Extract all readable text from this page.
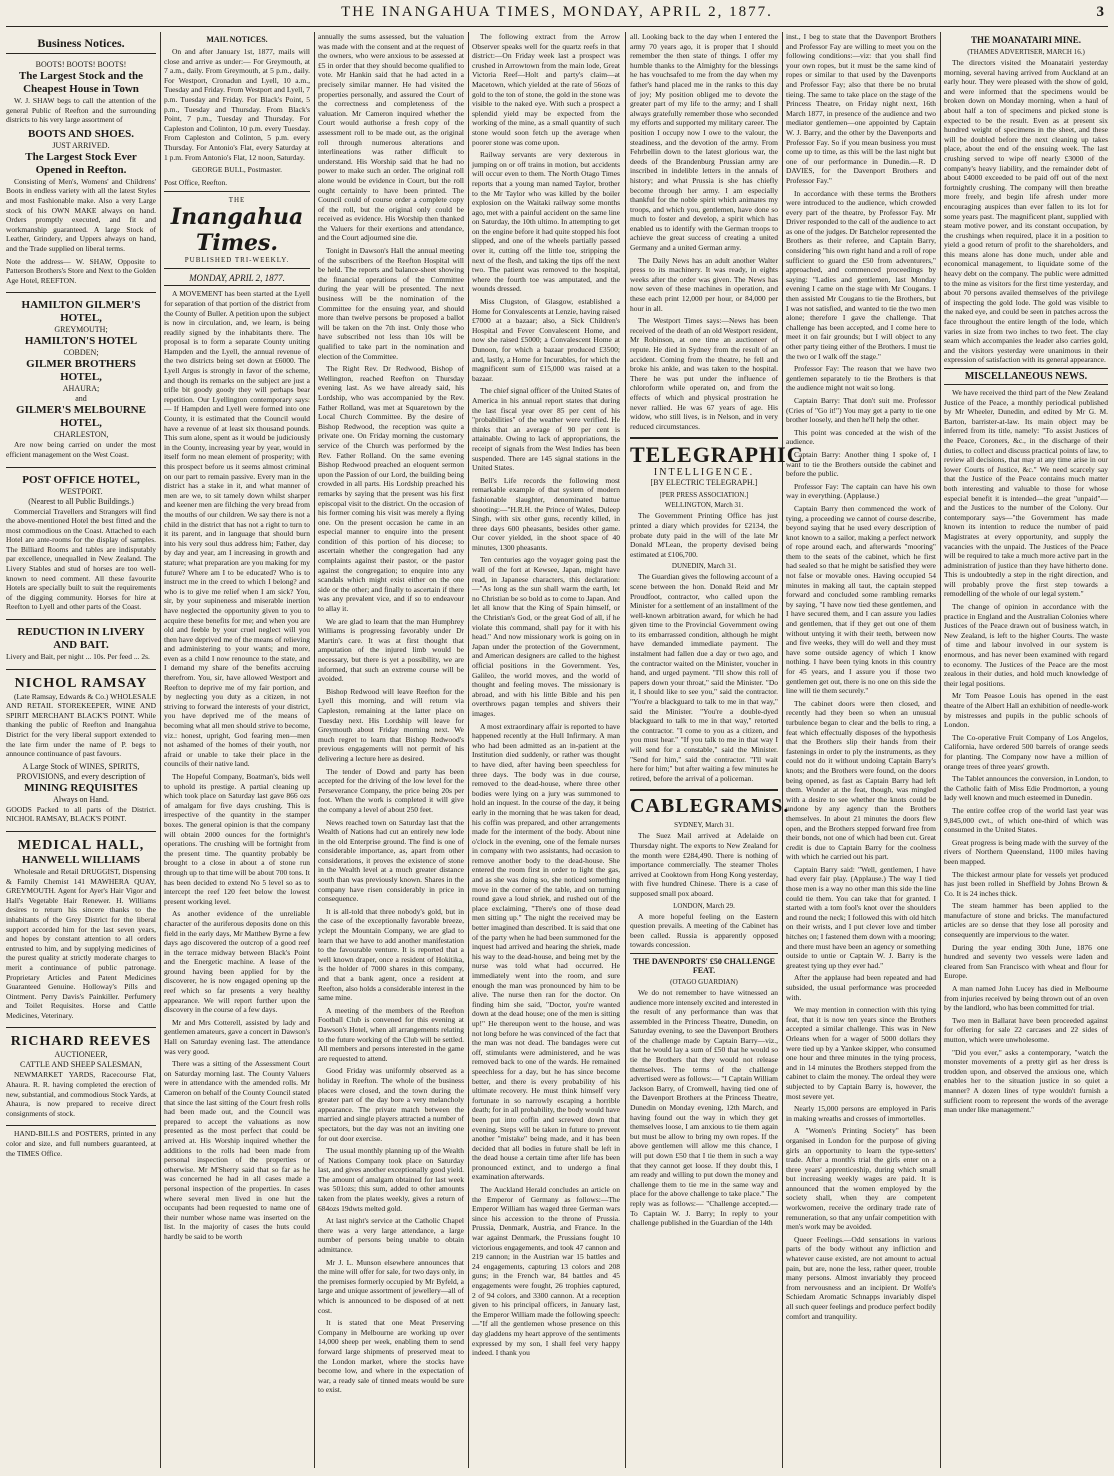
THE INANGAHUA TIMES, MONDAY, APRIL 2, 1877.	3
Business Notices.
BOOTS! BOOTS! BOOTS!
The Largest Stock and the Cheapest House in Town

W. J. SHAW begs to call the attention of the general Public of Reefton and the surrounding districts to his very large assortment of

BOOTS AND SHOES.
JUST ARRIVED.
The Largest Stock Ever Opened in Reefton.

Consisting of Men's, Womens' and Childrens' Boots in endless variety with all the latest Styles and most Fashionable make. Also a very Large stock of his OWN MAKE always on hand. Orders promptly executed, and fit and workmanship guaranteed. A large Stock of Leather, Grindery, and Uppers always on hand, and the Trade supplied on liberal terms.

Note the address— W. SHAW, Opposite to Patterson Brothers's Store and Next to the Golden Age Hotel, REEFTON.

HAMILTON GILMER'S HOTEL,
GREYMOUTH;
HAMILTON'S HOTEL
COBDEN;
GILMER BROTHERS HOTEL,
AHAURA;
and
GILMER'S MELBOURNE HOTEL,
CHARLESTON,

Are now being carried on under the most efficient management on the West Coast.

POST OFFICE HOTEL,
WESTPORT.
(Nearest to all Public Buildings.)

Commercial Travellers and Strangers will find the above-mentioned Hotel the best fitted and the most commodious on the Coast. Attached to each Hotel are ante-rooms for the display of samples. The Billiard Rooms and tables are indisputably par excellence, unequalled in New Zealand. The Livery Stables and stud of horses are too well-known to need comment. All these favourite Hotels are specially built to suit the requirements of the digging community. Horses for hire at Reefton to Lyell and other parts of the Coast.

REDUCTION IN LIVERY AND BAIT.

Livery and Bait, per night ... 10s. Per feed ... 2s.

NICHOL RAMSAY

(Late Ramsay, Edwards & Co.) WHOLESALE AND RETAIL STOREKEEPER, WINE AND SPIRIT MERCHANT BLACK'S POINT. While thanking the public of Reefton and Inangahua District for the very liberal support extended to the late firm under the name of P. begs to announce continuance of past favours.

A Large Stock of WINES, SPIRITS, PROVISIONS, and every description of
MINING REQUISITES
Always on Hand.

GOODS Packed to all parts of the District. NICHOL RAMSAY, BLACK'S POINT.

MEDICAL HALL,
HANWELL WILLIAMS

Wholesale and Retail DRUGGIST, Dispensing & Family Chemist 141 MAWHERA QUAY, GREYMOUTH. Agent for Ayer's Hair Vigor and Hall's Vegetable Hair Renewer. H. Williams desires to return his sincere thanks to the inhabitants of the Grey District for the liberal support accorded him for the last seven years, and hopes by constant attention to all orders entrusted to him, and by supplying medicines of the purest quality at strictly moderate charges to merit a continuance of public patronage. Proprietary Articles and Patent Medicines Guaranteed Genuine. Holloway's Pills and Ointment. Perry Davis's Painkiller. Perfumery and Toilet Requisites. Horse and Cattle Medicines, Veterinary.

RICHARD REEVES
AUCTIONEER,
CATTLE AND SHEEP SALESMAN,

NEWMARKET YARDS, Racecourse Flat, Ahaura. R. R. having completed the erection of new, substantial, and commodious Stock Yards, at Ahaura, is now prepared to receive direct consignments of stock.

HAND-BILLS and POSTERS, printed in any color and size, and full numbers guaranteed, at the TIMES Office.

MAIL NOTICES.

On and after January 1st, 1877, mails will close and arrive as under:— For Greymouth, at 7 a.m., daily. From Greymouth, at 5 p.m., daily. For Westport, Cronadun and Lyell, 10 a.m., Tuesday and Friday. From Westport and Lyell, 7 p.m. Tuesday and Friday. For Black's Point, 5 p.m., Tuesday and Thursday. From Black's Point, 7 p.m., Tuesday and Thursday. For Capleston and Colinton, 10 p.m. every Tuesday. From Capleston and Colinton, 5 p.m. every Thursday. For Antonio's Flat, every Saturday at 1 p.m. From Antonio's Flat, 12 noon, Saturday.

GEORGE BULL, Postmaster.

Post Office, Reefton.

THE
Inangahua Times.
PUBLISHED TRI-WEEKLY.
MONDAY, APRIL 2, 1877.

A MOVEMENT has been started at the Lyell for separation of that portion of the district from the County of Buller. A petition upon the subject is now in circulation, and, we learn, is being readily signed by the inhabitants there. The proposal is to form a separate County uniting Hampden and the Lyell, the annual revenue of the two districts being set down at £6000. The Lyell Argus is strongly in favor of the scheme, and though its remarks on the subject are just a trifle bit goody goody they will perhaps bear repetition. Our Lyellington contemporary says:— If Hampden and Lyell were formed into one County, it is estimated that the Council would have a revenue of at least six thousand pounds. This sum alone, spent as it would be judiciously in the County, increasing year by year, would in itself form no mean element of prosperity; with this prospect before us it seems almost criminal on our part to remain passive. Every man in the district has a stake in it, and what manner of men are we, to sit tamely down whilst sharper and keener men are filching the very bread from the mouths of our children. We say there is not a child in the district that has not a right to turn to it its parent, and in language that should burn into his very soul thus address him; Father, day by day and year, am I increasing in growth and stature; what preparation are you making for my future? Where am I to be educated? Who is to instruct me in the creed to which I belong? and who is to give me relief when I am sick? You, sir, by your supineness and miserable inertion have neglected the opportunity given to you to acquire these benefits for me; and when you are old and feeble by your cruel neglect will you then have deprived me of the means of relieving and administering to your wants; and more, even as a child I now renounce to the state, and I demand my share of the benefits accruing therefrom. You, sir, have allowed Westport and Reefton to deprive me of my fair portion, and by neglecting you duty as a citizen, in not striving to forward the interests of your district, you have deprived me of the means of becoming what all men should strive to become, viz.: honest, upright, God fearing men—men not ashamed of the homes of their youth, nor afraid or unable to take their place in the councils of their native land.

The Hopeful Company, Boatman's, bids well to uphold its prestige. A partial cleaning up which took place on Saturday last gave 866 ozs of amalgam for five days crushing. This is irrespective of the quantity in the stamper boxes. The general opinion is that the company will obtain 2000 ounces for the fortnight's operations. The crushing will be fortnight from the present time. The quantity probably be brought to a close in about a of stone run through up to that time will be about 700 tons. It has been decided to extend No 5 level so as to intercept the reef 120 feet below the lowest present working level.

As another evidence of the unreliable character of the auriferous deposits done on this field in the early days, Mr Matthew Byrne a few days ago discovered the outcrop of a good reef in the terrace midway between Black's Point and the Energetic machine. A lease of the ground having been applied for by the discoverer, he is now engaged opening up the reef which so far presents a very healthy appearance. We will report further upon the discovery in the course of a few days.

Mr and Mrs Cotterell, assisted by lady and gentlemen amateurs, gave a concert in Dawson's Hall on Saturday evening last. The attendance was very good.

There was a sitting of the Assessment Court on Saturday morning last. The County Valuers were in attendance with the amended rolls. Mr Cameron on behalf of the County Council stated that since the last sitting of the Court fresh rolls had been made out, and the Council was prepared to accept the valuations as now presented as the most perfect that could be arrived at. His Worship inquired whether the additions to the rolls had been made from personal inspection of the properties or otherwise. Mr M'Sherry said that so far as he was concerned he had in all cases made a personal inspection of the properties. In cases where several men lived in one hut the occupants had been requested to name one of their number whose name was inserted on the list. In the majority of cases the huts could hardly be said to be worth

annually the sums assessed, but the valuation was made with the consent and at the request of the owners, who were anxious to be assessed at £5 in order that they should become qualified to vote. Mr Hankin said that he had acted in a precisely similar manner. He had visited the properties personally, and assured the Court of the correctness and completeness of the valuation. Mr Cameron inquired whether the Court would authorise a fresh copy of the assessment roll to be made out, as the original roll through numerous alterations and interlineations was rather difficult to understand. His Worship said that he had no power to make such an order. The original roll alone would be evidence in Court, but the roll ought certainly to have been printed. The Council could of course order a complete copy of the roll, but the original only could be received as evidence. His Worship then thanked the Valuers for their exertions and attendance, and the Court adjourned sine die.

Tonight in Dawson's Hall the annual meeting of the subscribers of the Reefton Hospital will be held. The reports and balance-sheet showing the financial operations of the Committee during the year will be presented. The next business will be the nomination of the Committee for the ensuing year, and should more than twelve persons be proposed a ballot will be taken on the 7th inst. Only those who have subscribed not less than 10s will be qualified to take part in the nomination and election of the Committee.

The Right Rev. Dr Redwood, Bishop of Wellington, reached Reefton on Thursday evening last. As we have already said, his Lordship, who was accompanied by the Rev. Father Rolland, was met at Squaretown by the Local Church Committee. By the desire of Bishop Redwood, the reception was quite a private one. On Friday morning the customary service of the Church was performed by the Rev. Father Rolland. On the same evening Bishop Redwood preached an eloquent sermon upon the Passion of our Lord, the building being crowded in all parts. His Lordship preached his remarks by saying that the present was his first episcopal visit to the district. On the occasion of his former coming his visit was merely a flying one. On the present occasion he came in an especial manner to enquire into the present condition of this portion of his diocese; to ascertain whether the congregation had any complaints against their pastor, or the pastor against the congregation; to enquire into any scandals which might exist either on the one side or the other; and finally to ascertain if there was any prevalent vice, and if so to endeavour to allay it.

We are glad to learn that the man Humphrey Williams is progressing favorably under Dr Martin's care. It was at first thought that amputation of the injured limb would be necessary, but there is yet a possibility, we are informed, that such an extreme course will be avoided.

Bishop Redwood will leave Reefton for the Lyell this morning, and will return via Capleston, remaining at the latter place on Tuesday next. His Lordship will leave for Greymouth about Friday morning next. We much regret to learn that Bishop Redwood's previous engagements will not permit of his delivering a lecture here as desired.

The tender of Dowd and party has been accepted for the driving of the low level for the Perseverance Company, the price being 20s per foot. When the work is completed it will give the company a level of about 250 feet.

News reached town on Saturday last that the Wealth of Nations had cut an entirely new lode in the old Enterprise ground. The find is one of considerable importance, as, apart from other considerations, it proves the existence of stone in the Wealth level at a much greater distance south than was previously known. Shares in the company have risen considerably in price in consequence.

It is all-told that three nobody's gold, but in the case of the exceptionally favorable breeze, yclept the Mountain Company, we are glad to learn that we have to add another manifestation to the favourable venture. It is reported that a well known draper, once a resident of Hokitika, is the holder of 7000 shares in this company, and that a bank agent, once a resident at Reefton, also holds a considerable interest in the same mine.

A meeting of the members of the Reefton Football Club is convened for this evening at Dawson's Hotel, when all arrangements relating to the future working of the Club will be settled. All members and persons interested in the game are requested to attend.

Good Friday was uniformly observed as a holiday in Reefton. The whole of the business places were closed, and the town during the greater part of the day bore a very melancholy appearance. The private match between the married and single players attracted a number of spectators, but the day was not an inviting one for out door exercise.

The usual monthly planning up of the Wealth of Nations Company took place on Saturday last, and gives another exceptionally good yield. The amount of amalgam obtained for last week was 501ozs; this sum, added to other amounts taken from the plates weekly, gives a return of 684ozs 19dwts melted gold.

At last night's service at the Catholic Chapel there was a very large attendance, a large number of persons being unable to obtain admittance.

Mr J. L. Munson elsewhere announces that the mine will offer for sale, for two days only, in the premises formerly occupied by Mr Byfeld, a large and unique assortment of jewellery—all of which is announced to be disposed of at nett cost.

It is stated that one Meat Preserving Company in Melbourne are working up over 14,000 sheep per week, enabling them to send forward large shipments of preserved meat to the London market, where the stocks have become low, and where in the expectation of war, a ready sale of tinned meats would be sure to exist.

The following extract from the Arrow Observer speaks well for the quartz reefs in that district:—On Friday week last a prospect was crushed in Arrowtown from the main lode, Great Victoria Reef—Holt and party's claim—at Macetown, which yielded at the rate of 56ozs of gold to the ton of stone, the gold in the stone was visible to the naked eye. With such a prospect a splendid yield may be expected from the working of the mine, as a small quantity of such stone would soon fetch up the average when poorer stone was come upon.

Railway servants are very dexterous in jumping on or off trains in motion, but accidents will occur even to them. The North Otago Times reports that a young man named Taylor, brother to the Mr Taylor who was killed by the boiler explosion on the Waitaki railway some months ago, met with a painful accident on the same line on Saturday, the 10th ultimo. In attempting to get on the engine before it had quite stopped his foot slipped, and one of the wheels partially passed over it, cutting off the little toe, stripping the next of the flesh, and taking the tips off the next two. The patient was removed to the hospital, where the fourth toe was amputated, and the wounds dressed.

Miss Clugston, of Glasgow, established a Home for Convalescents at Lenzie, having raised £7000 at a bazaar; also, a Sick Children's Hospital and Fever Convalescent Home, and now she raised £5000; a Convalescent Home at Dunoon, for which a bazaar produced £3500; and, lastly, a Home for Incurables, for which the magnificent sum of £15,000 was raised at a bazaar.

The chief signal officer of the United States of America in his annual report states that during the last fiscal year over 85 per cent of his "probabilities" of the weather were verified. He thinks that an average of 90 per cent is attainable. Owing to lack of appropriations, the receipt of signals from the West Indies has been suspended. There are 145 signal stations in the United States.

Bell's Life records the following most remarkable example of that system of modern fashionable slaughter, denominated battue shooting:—"H.R.H. the Prince of Wales, Duleep Singh, with six other guns, recently killed, in three days 600 pheasants, besides other game. Our cover yielded, in the shoot space of 40 minutes, 1300 pheasants.

Ten centuries ago the voyager going past the wall of the fort at Kewsee, Japan, might have read, in Japanese characters, this declaration:—"As long as the sun shall warm the earth, let no Christian be so bold as to come to Japan. And let all know that the King of Spain himself, or the Christian's God, or the great God of all, if he violate this command, shall pay for it with his head." And now missionary work is going on in Japan under the protection of the Government, and American designers are called to the highest official positions in the Government. Yes, Galileo, the world moves, and the world of thought and feeling moves. The missionary is abroad, and with his little Bible and his pen overthrows pagan temples and shivers their images.

A most extraordinary affair is reported to have happened recently at the Hull Infirmary. A man who had been admitted as an in-patient at the Institution died suddenly, or rather was thought to have died, after having been speechless for three days. The body was in due course, removed to the dead-house, where three other bodies were lying on a jury was summoned to hold an inquest. In the course of the day, it being early in the morning that he was taken for dead, his coffin was prepared, and other arrangements made for the interment of the body. About nine o'clock in the evening, one of the female nurses in company with two assistants, had occasion to remove another body to the dead-house. She entered the room first in order to light the gas, and as she was doing so, she noticed something move in the corner of the table, and on turning round gave a loud shriek, and rushed out of the place exclaiming, "There's one of those dead men sitting up." The night the received may be better imagined than described. It is said that one of the party when he had been summoned for the inquest had arrived and hearing the shriek, made his way to the dead-house, and being met by the nurse was told what had occurred. He immediately went into the room, and sure enough the man was pronounced by him to be alive. The nurse then ran for the doctor. On finding him she said, "Doctor, you're wanted down at the dead house; one of the men is sitting up!" He thereupon went to the house, and was not long before he was convinced of the fact that the man was not dead. The bandages were cut off, stimulants were administered, and he was removed back to one of the wards. He remained speechless for a day, but he has since become better, and there is every probability of his ultimate recovery. He must think himself very fortunate in so narrowly escaping a horrible death; for in all probability, the body would have been put into coffin and screwed down that evening. Steps will be taken in future to prevent another "mistake" being made, and it has been decided that all bodies in future shall be left in the dead house a certain time after life has been pronounced extinct, and to undergo a final examination afterwards.

The Auckland Herald concludes an article on the Emperor of Germany as follows:—The Emperor William has waged three German wars since his accession to the throne of Prussia. Prussia, Denmark, Austria, and France. In the war against Denmark, the Prussians fought 10 victorious engagements, and took 47 cannon and 219 cannon; in the Austrian war 15 battles and 24 engagements, capturing 13 colors and 208 guns; in the French war, 84 battles and 45 engagements were fought, 26 trophies captured, 2 of 94 colors, and 3300 cannon. At a reception given to his principal officers, in January last, the Emperor William made the following speech:—"If all the gentlemen whose presence on this day gladdens my heart approve of the sentiments expressed by my son, I shall feel very happy indeed. I thank you

all. Looking back to the day when I entered the army 70 years ago, it is proper that I should remember the then state of things. I offer my humble thanks to the Almighty for the blessings he has vouchsafed to me from the day when my father's hand placed me in the ranks to this day of joy; My position obliged me to devote the greater part of my life to the army; and I shall always gratefully remember those who seconded my efforts and supported my military career. The position I occupy now I owe to the valour, the steadiness, and the devotion of the army. From Fehrbellin down to the latest glorious war, the deeds of the Brandenburg Prussian army are inscribed in indelible letters in the annals of history; and what Prussia is she has chiefly become through her army. I am especially thankful for the noble spirit which animates my troops, and which you, gentlemen, have done so much to foster and develop, a spirit which has enabled us to identify with the German troops to achieve the great success of creating a united Germany and a united German army.

The Daily News has an adult another Walter press to its machinery. It was ready, in eights weeks after the order was given. The News has now seven of these machines in operation, and these each print 12,000 per hour, or 84,000 per hour in all.

The Westport Times says:—News has been received of the death of an old Westport resident, Mr Robinson, at one time an auctioneer of repute. He died in Sydney from the result of an accident. Coming from the theatre, he fell and broke his ankle, and was taken to the hospital. There he was put under the influence of chloroform while operated on, and from the effects of which and physical prostration he never rallied. He was 67 years of age. His widow, who still lives, is in Nelson, and in very reduced circumstances.

TELEGRAPHIC
INTELLIGENCE.
[BY ELECTRIC TELEGRAPH.]
[PER PRESS ASSOCIATION.]
WELLINGTON, March 31.

The Government Printing Office has just printed a diary which provides for £2134, the probate duty paid in the will of the late Mr Donald M'Lean, the property devised being estimated at £106,700.

DUNEDIN, March 31.

The Guardian gives the following account of a scene between the hon. Donald Reid and Mr Proudfoot, contractor, who called upon the Minister for a settlement of an installment of the well-known arbitration award, for which he had given time to the Provincial Government owing to its embarrassed condition, although he might have demanded immediate payment. The instalment had fallen due a day or two ago, and the contractor waited on the Minister, voucher in hand, and urged payment. "I'll show this roll of papers down your throat," said the Minister. "Do it, I should like to see you," said the contractor. "You're a blackguard to talk to me in that way," said the Minister. "You're a double-dyed blackguard to talk to me in that way," retorted the contractor. "I come to you as a citizen, and you must hear." "If you talk to me in that way I will send for a constable," said the Minister. "Send for him," said the contractor. "I'll wait here for him;" but after waiting a few minutes he retired, before the arrival of a policeman.

CABLEGRAMS.
SYDNEY, March 31.

The Suez Mail arrived at Adelaide on Thursday night. The exports to New Zealand for the month were £284,490. There is nothing of importance commercially. The steamer Tholes arrived at Cooktown from Hong Kong yesterday, with five hundred Chinese. There is a case of supposed small pox aboard.

LONDON, March 29.

A more hopeful feeling on the Eastern question prevails. A meeting of the Cabinet has been called. Russia is apparently opposed towards concession.

THE DAVENPORTS' £50 CHALLENGE FEAT.
(OTAGO GUARDIAN)

We do not remember to have witnessed an audience more intensely excited and interested in the result of any performance than was that assembled in the Princess Theatre, Dunedin, on Saturday evening, to see the Davenport Brothers of the challenge made by Captain Barry—viz., that he would lay a sum of £50 that he would so tie the Brothers that they would not release themselves. The terms of the challenge advertised were as follows:— "I Captain William Jackson Barry, of Cromwell, having tied one of the Davenport Brothers at the Princess Theatre, Dunedin on Monday evening, 12th March, and having found out the way in which they get themselves loose, I am anxious to tie them again but must be allow to bring my own ropes. If the above gentlemen will allow me this chance, I will put down £50 that I tie them in such a way that they cannot get loose. If they doubt this, I am ready and willing to put down the money and challenge them to tie me in the same way and place for the above challenge to take place." The reply was as follows:— "Challenge accepted.—To Captain W. J. Barry; In reply to your challenge published in the Guardian of the 14th

inst., I beg to state that the Davenport Brothers and Professor Fay are willing to meet you on the following conditions:—viz: that you shall find your own ropes, but it must be the same kind of ropes or similar to that used by the Davenports and Professor Fay; also that there be no brutal tieing. The same to take place on the stage of the Princess Theatre, on Friday night next, 16th March 1877, in presence of the audience and two mediator gentlemen—one appointed by Captain W. J. Barry, and the other by the Davenports and Professor Fay. So if you mean business you must come up to time, as this will be the last night but one of our performance in Dunedin.—R. D DAVIES, for the Davenport Brothers and Professor Fay."

In accordance with these terms the Brothers were introduced to the audience, which crowded every part of the theatre, by Professor Fay. Mr Driver responded to the call of the audience to act as one of the judges. Dr Batchelor represented the Brothers as their referee, and Captain Barry, considering "his own right hand and a roll of rope sufficient to guard the £50 from adventurers," approached, and commenced proceedings by saying: "Ladies and gentlemen, last Monday evening I came on the stage with Mr Cougans. I then assisted Mr Cougans to tie the Brothers, but I was not satisfied, and wanted to tie the two men alone; therefore I gave the challenge. That challenge has been accepted, and I come here to meet it on fair grounds; but I will object to any other party tieing either of the Brothers. I must tie the two or I walk off the stage."

Professor Fay: The reason that we have two gentlemen separately to tie the Brothers is that the audience might not wait so long.

Captain Barry: That don't suit me. Professor (Cries of "Go it!") You may get a party to tie one brother loosely, and then he'll help the other.

This point was conceded at the wish of the audience.

Captain Barry: Another thing I spoke of, I want to tie the Brothers outside the cabinet and before the public.

Professor Fay: The captain can have his own way in everything. (Applause.)

Captain Barry then commenced the work of tying, a proceeding we cannot of course describe, beyond saying that he used every description of knot known to a sailor, making a perfect network of rope around each, and afterwards "mooring" them to the seats of the cabinet, which he first had sealed so that he might be satisfied they were not false or movable ones. Having occupied 54 minutes in making all taut, the captain stepped forward and concluded some rambling remarks by saying, "I have now tied these gentlemen, and I have secured them, and I can assure you ladies and gentlemen, that if they get out one of them without untying it with their teeth, between now and five weeks, they will do well and they must have some outside agency of which I know nothing. I have been tying knots in this country for 45 years, and I assure you if those two gentlemen get out, there is no one on this side the line will tie them securely."

The cabinet doors were then closed, and recently had they been so when an unusual turbulence began to clear and the bells to ring, a feat which effectually disposes of the hypothesis that the Brothers slip their hands from their fastenings in order to ply the instruments, as they could not do it without undoing Captain Barry's knots; and the Brothers were found, on the doors being opened, as fast as Captain Barry had left them. Wonder at the feat, though, was mingled with a desire to see whether the knots could be undone by any agency than the Brothers themselves. In about 21 minutes the doors flew open, and the Brothers stepped forward free from their bonds, not one of which had been cut. Great credit is due to Captain Barry for the coolness with which he carried out his part.

Captain Barry said: "Well, gentlemen, I have had every fair play. (Applause.) The way I tied those men is a way no other man this side the line could tie them. You can take that for granted. I started with a tom fool's knot over the shoulders and round the neck; I followed this with old hitch on their wrists, and I put clever love and timber hitches on; I fastened them down with a mooring; and there must have been an agency or something outside to untie or Captain W. J. Barry is the greatest tying up they ever had."

After the applause had been repeated and had subsided, the usual performance was proceeded with.

We may mention in connection with this tying feat, that it is now ten years since the Brothers accepted a similar challenge. This was in New Orleans when for a wager of 5000 dollars they were tied up by a Yankee skipper, who consumed one hour and three minutes in the tying process, and in 14 minutes the Brothers stepped from the cabinet to claim the money. The ordeal they were subjected to by Captain Barry is, however, the most severe yet.

Nearly 15,000 persons are employed in Paris in making wreaths and crosses of immortelles.

A "Women's Printing Society" has been organised in London for the purpose of giving girls an opportunity to learn the type-setters' trade. After a month's trial the girls enter on a three years' apprenticeship, during which small but increasing weekly wages are paid. It is announced that the women employed by the society shall, when they are competent workwomen, receive the ordinary trade rate of remuneration, so that any unfair competition with men's work may be avoided.

Queer Feelings.—Odd sensations in various parts of the body without any infliction and whatever cause existed, are not amount to actual pain, but are, none the less, rather queer, trouble many persons. Almost invariably they proceed from nervousness and an incipient. Dr Wolfe's Schiedam Aromatic Schnapps invariably dispel all such queer feelings and produce perfect bodily comfort and tranquility.

THE MOANATAIRI MINE.
(THAMES ADVERTISER, MARCH 16.)

The directors visited the Moanatairi yesterday morning, several having arrived from Auckland at an early hour. They were pleased with the show of gold, and were informed that the specimens would be broken down on Monday morning, when a haul of about half a ton of specimens and picked stone is expected to be the result. Even as at present six hundred weight of specimens in the sheet, and these will be doubled before the next cleaning up takes place, about the end of the ensuing week. The last crushing served to wipe off nearly £3000 of the company's heavy liability, and the remainder debt of about £4000 exceeded to be paid off out of the next fortnightly crushing. The company will then breathe more freely, and begin life afresh under more encouraging auspices than ever fallen to its lot for some years past. The magnificent plant, supplied with steam motive power, and its constant occupation, by the crushings when required, place it in a position to yield a good return of profit to the shareholders, and this means alone has done much, under able and economical management, to liquidate some of the heavy debt on the company. The public were admitted to the mine as visitors for the first time yesterday, and about 70 persons availed themselves of the privilege of inspecting the gold lode. The gold was visible to the naked eye, and could be seen in patches across the face throughout the entire length of the lode, which varies in size from two inches to two feet. The clay seam which accompanies the leader also carries gold, and the visitors yesterday were unanimous in their expression of satisfaction with its general appearance.

MISCELLANEOUS NEWS.

We have received the third part of the New Zealand Justice of the Peace, a monthly periodical published by Mr Wheeler, Dunedin, and edited by Mr G. M. Barton, barrister-at-law. Its main object may be inferred from its title, namely: "To assist Justices of the Peace, Coroners, &c., in the discharge of their duties, to collect and discuss practical points of law, to review all decisions, that may at any time arise in our lower Courts of Justice, &c." We need scarcely say that the Justice of the Peace contains much matter both interesting and valuable to those for whose especial benefit it is intended—the great "unpaid"—and the Justices to the number of the Colony. Our contemporary says—"the Government has made known its intention to reduce the number of paid Magistrates at every opportunity, and supply the vacancies with the unpaid. The Justices of the Peace will be required to take a much more active part in the administration of justice than they have hitherto done. This is undoubtedly a step in the right direction, and will probably prove the first step towards a remodelling of the whole of our legal system."

The change of opinion in accordance with the practice in England and the Australian Colonies where Justices of the Peace drawn out of business watch, in New Zealand, is left to the higher Courts. The waste of time and labour involved in our system is enormous, and has never been examined with regard to economy. The Justices of the Peace are the most zealous in their duties, and hold much knowledge of their legal positions.

Mr Tom Peasoe Louis has opened in the east theatre of the Albert Hall an exhibition of needle-work by mistresses and pupils in the public schools of London.

The Co-operative Fruit Company of Los Angelos, California, have ordered 500 barrels of orange seeds for planting. The Company now have a million of orange trees of three years' growth.

The Tablet announces the conversion, in London, to the Catholic faith of Miss Edie Prodmorton, a young lady well known and much esteemed in Dunedin.

The entire coffee crop of the world last year was 9,845,000 cwt., of which one-third of which was consumed in the United States.

Great progress is being made with the survey of the rivers of Northern Queensland, 1100 miles having been mapped.

The thickest armour plate for vessels yet produced has just been rolled in Sheffield by Johns Brown & Co. It is 24 inches thick.

The steam hammer has been applied to the manufacture of stone and bricks. The manufactured articles are so dense that they lose all porosity and consequently are impervious to the water.

During the year ending 30th June, 1876 one hundred and seventy two vessels were laden and cleared from San Francisco with wheat and flour for Europe.

A man named John Lucey has died in Melbourne from injuries received by being thrown out of an oven by the landlord, who has been committed for trial.

Two men in Ballarat have been proceeded against for offering for sale 22 carcases and 22 sides of mutton, which were unwholesome.

"Did you ever," asks a contemporary, "watch the monster movements of a pretty girl as her dress is trodden upon, and observed the anxious one, which enables her to the situation justice in so quiet a manner? A dozen lines of type wouldn't furnish a sufficient room to represent the words of the average man under like management."
